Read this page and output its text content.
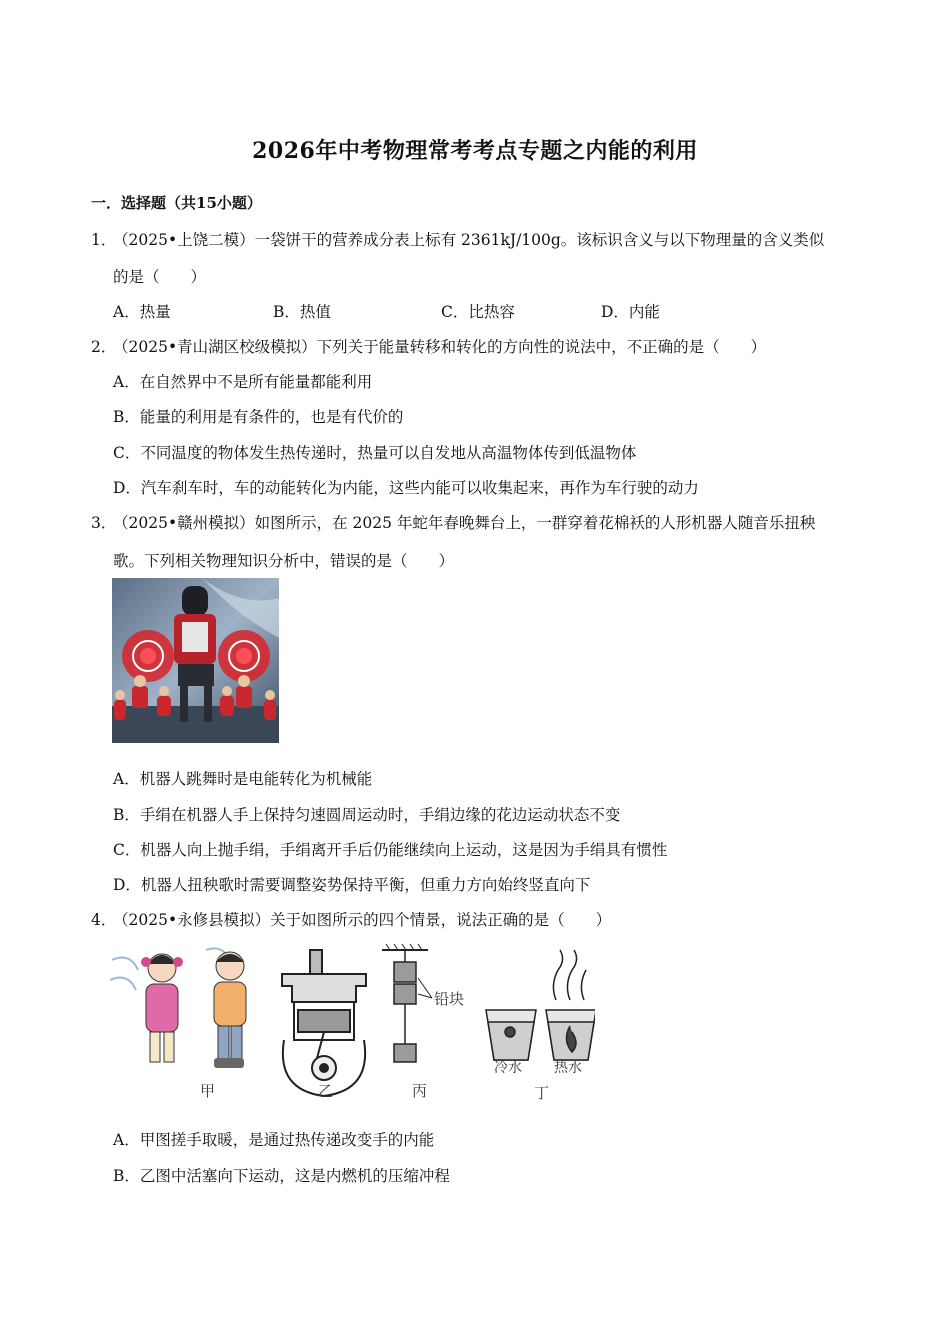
2026年中考物理常考考点专题之内能的利用
一．选择题（共15小题）
1．（2025•上饶二模）一袋饼干的营养成分表上标有 2361kJ/100g。该标识含义与以下物理量的含义类似
的是（　　）
A．热量	B．热值	C．比热容	D．内能
2．（2025•青山湖区校级模拟）下列关于能量转移和转化的方向性的说法中，不正确的是（　　）
A．在自然界中不是所有能量都能利用
B．能量的利用是有条件的，也是有代价的
C．不同温度的物体发生热传递时，热量可以自发地从高温物体传到低温物体
D．汽车刹车时，车的动能转化为内能，这些内能可以收集起来，再作为车行驶的动力
3．（2025•赣州模拟）如图所示，在 2025 年蛇年春晚舞台上，一群穿着花棉袄的人形机器人随音乐扭秧
歌。下列相关物理知识分析中，错误的是（　　）
A．机器人跳舞时是电能转化为机械能
B．手绢在机器人手上保持匀速圆周运动时，手绢边缘的花边运动状态不变
C．机器人向上抛手绢，手绢离开手后仍能继续向上运动，这是因为手绢具有惯性
D．机器人扭秧歌时需要调整姿势保持平衡，但重力方向始终竖直向下
4．（2025•永修县模拟）关于如图所示的四个情景，说法正确的是（　　）
甲	乙
铅块
丙
冷水 热水
丁
A．甲图搓手取暖，是通过热传递改变手的内能
B．乙图中活塞向下运动，这是内燃机的压缩冲程
